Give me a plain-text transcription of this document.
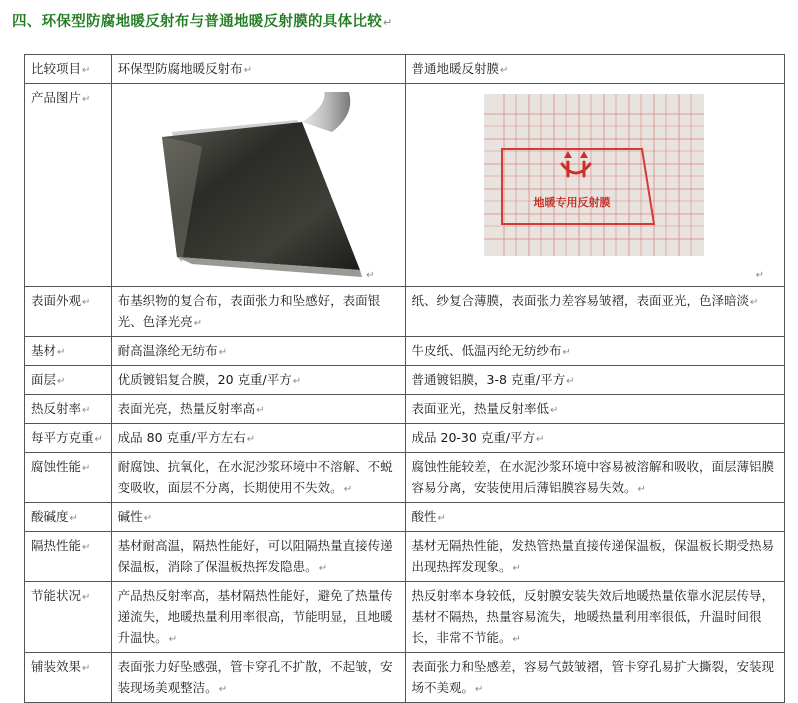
四、环保型防腐地暖反射布与普通地暖反射膜的具体比较↵
比较项目↵	环保型防腐地暖反射布↵	普通地暖反射膜↵
产品图片↵	↵	地暖专用反射膜
↵

表面外观↵	布基织物的复合布，表面张力和坠感好，表面银光、色泽光亮↵	纸、纱复合薄膜，表面张力差容易皱褶，表面亚光，色泽暗淡↵
基材↵	耐高温涤纶无纺布↵	牛皮纸、低温丙纶无纺纱布↵
面层↵	优质镀铝复合膜，20 克重/平方↵	普通镀铝膜，3-8 克重/平方↵
热反射率↵	表面光亮，热量反射率高↵	表面亚光，热量反射率低↵
每平方克重↵	成品 80 克重/平方左右↵	成品 20-30 克重/平方↵
腐蚀性能↵	耐腐蚀、抗氧化，在水泥沙浆环境中不溶解、不蜕变吸收，面层不分离，长期使用不失效。↵	腐蚀性能较差，在水泥沙浆环境中容易被溶解和吸收，面层薄铝膜容易分离，安装使用后薄铝膜容易失效。↵
酸碱度↵	碱性↵	酸性↵
隔热性能↵	基材耐高温，隔热性能好，可以阻隔热量直接传递保温板，消除了保温板热挥发隐患。↵	基材无隔热性能，发热管热量直接传递保温板，保温板长期受热易出现热挥发现象。↵
节能状况↵	产品热反射率高，基材隔热性能好，避免了热量传递流失，地暖热量利用率很高，节能明显，且地暖升温快。↵	热反射率本身较低，反射膜安装失效后地暖热量依靠水泥层传导，基材不隔热，热量容易流失，地暖热量利用率很低，升温时间很长，非常不节能。↵
铺装效果↵	表面张力好坠感强，管卡穿孔不扩散，不起皱，安装现场美观整洁。↵	表面张力和坠感差，容易气鼓皱褶，管卡穿孔易扩大撕裂，安装现场不美观。↵
